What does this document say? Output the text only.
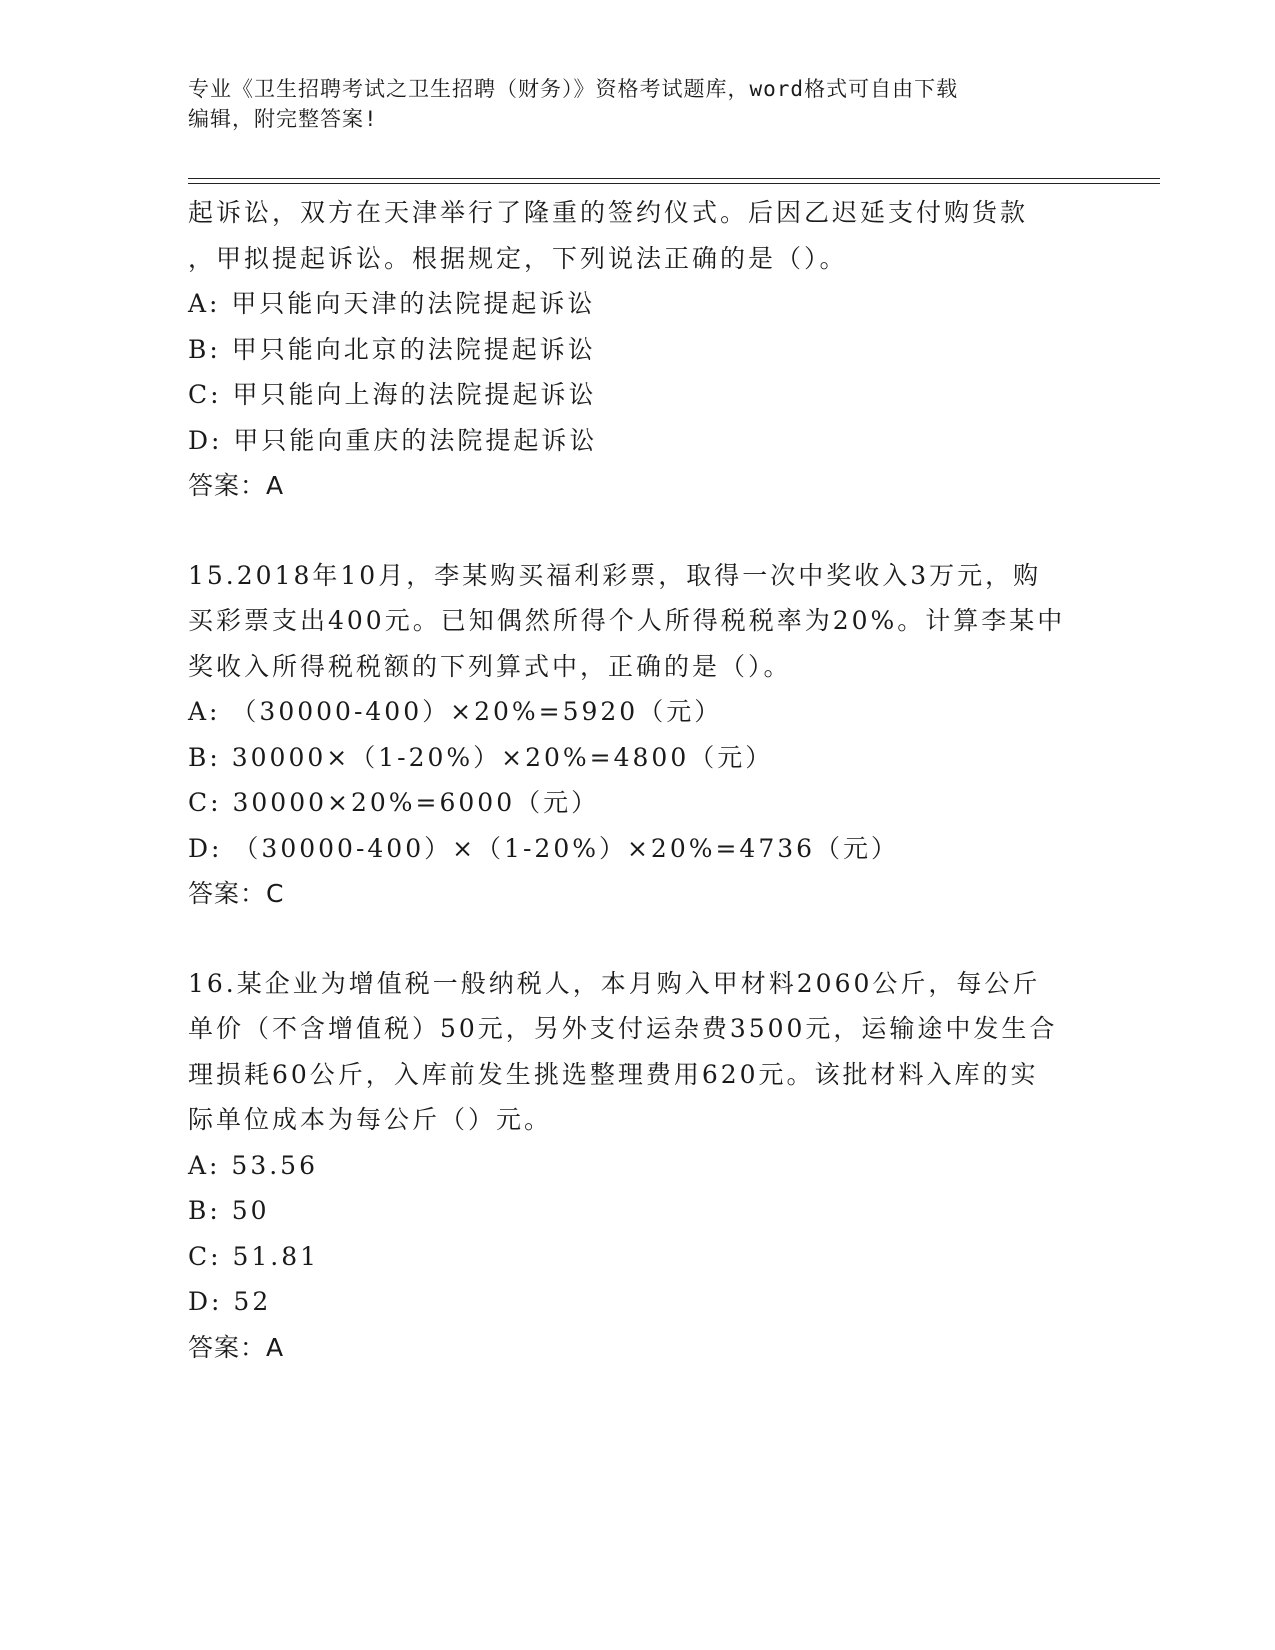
专业《卫生招聘考试之卫生招聘（财务）》资格考试题库，word格式可自由下载
编辑，附完整答案!
起诉讼，双方在天津举行了隆重的签约仪式。后因乙迟延支付购货款
，甲拟提起诉讼。根据规定，下列说法正确的是（）。
A: 甲只能向天津的法院提起诉讼
B: 甲只能向北京的法院提起诉讼
C: 甲只能向上海的法院提起诉讼
D: 甲只能向重庆的法院提起诉讼
答案：A
15.2018年10月，李某购买福利彩票，取得一次中奖收入3万元，购
买彩票支出400元。已知偶然所得个人所得税税率为20%。计算李某中
奖收入所得税税额的下列算式中，正确的是（）。
A: （30000-400）×20%=5920（元）
B: 30000×（1-20%）×20%=4800（元）
C: 30000×20%=6000（元）
D: （30000-400）×（1-20%）×20%=4736（元）
答案：C
16.某企业为增值税一般纳税人，本月购入甲材料2060公斤，每公斤
单价（不含增值税）50元，另外支付运杂费3500元，运输途中发生合
理损耗60公斤，入库前发生挑选整理费用620元。该批材料入库的实
际单位成本为每公斤（）元。
A: 53.56
B: 50
C: 51.81
D: 52
答案：A
